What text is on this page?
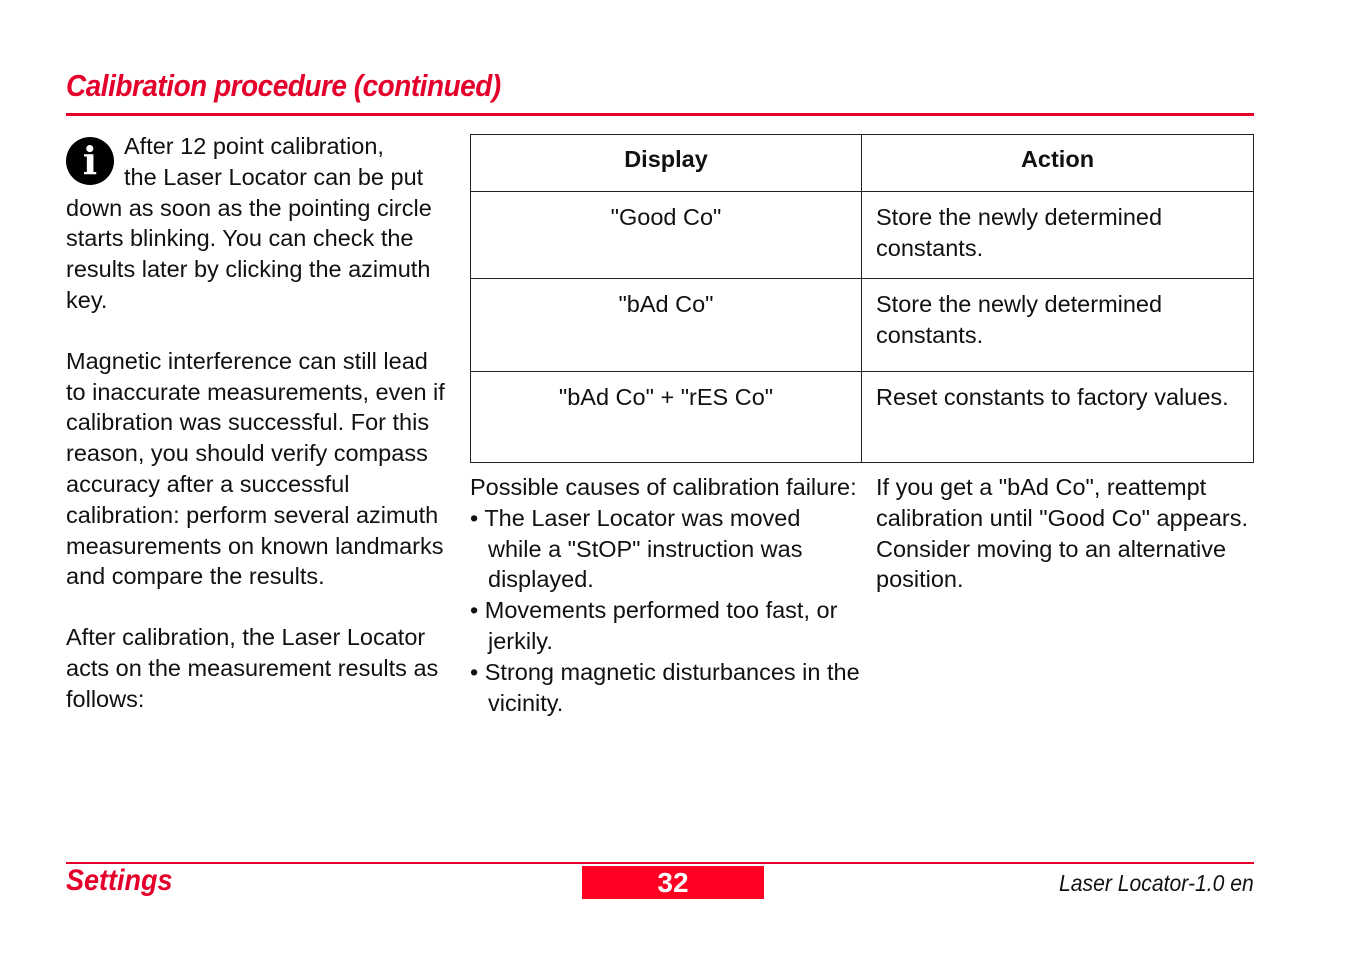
Calibration procedure (continued)
i	After 12 point calibration,
the Laser Locator can be put down as soon as the pointing circle starts blinking. You can check the results later by clicking the azimuth key.
Magnetic interference can still lead to inaccurate measurements, even if calibration was successful. For this reason, you should verify compass accuracy after a successful calibration: perform several azimuth measurements on known landmarks and compare the results.
After calibration, the Laser Locator acts on the measurement results as follows:
Display	Action
"Good Co"	Store the newly determined constants.
"bAd Co"	Store the newly determined constants.
"bAd Co" + "rES Co"	Reset constants to factory values.
Possible causes of calibration failure:
• The Laser Locator was moved while a "StOP" instruction was displayed.
• Movements performed too fast, or jerkily.
• Strong magnetic disturbances in the vicinity.
If you get a "bAd Co", reattempt calibration until "Good Co" appears. Consider moving to an alternative position.
Settings	32	Laser Locator-1.0 en
